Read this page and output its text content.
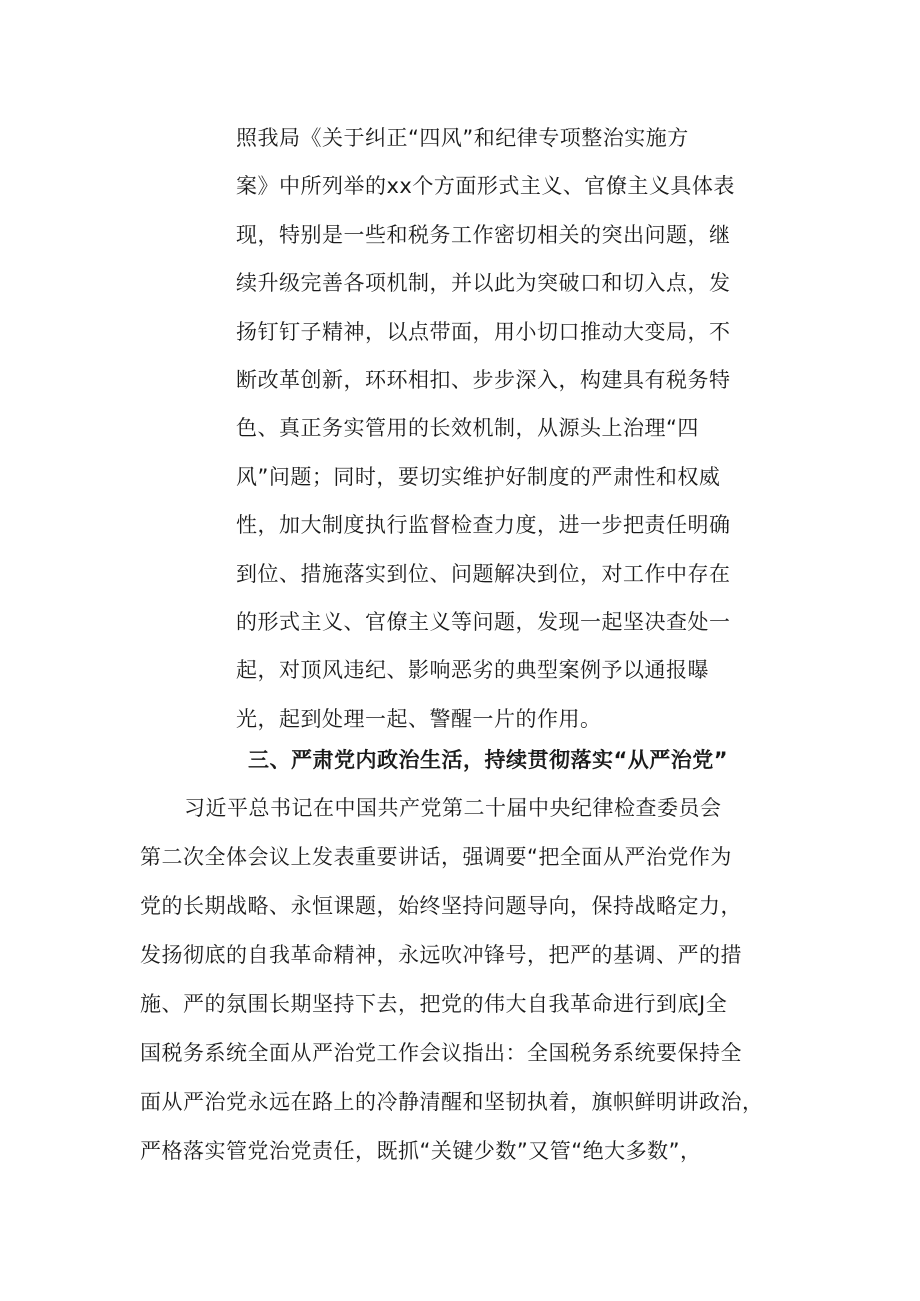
照我局《关于纠正“四风”和纪律专项整治实施方
案》中所列举的xx个方面形式主义、官僚主义具体表
现，特别是一些和税务工作密切相关的突出问题，继
续升级完善各项机制，并以此为突破口和切入点，发
扬钉钉子精神，以点带面，用小切口推动大变局，不
断改革创新，环环相扣、步步深入，构建具有税务特
色、真正务实管用的长效机制，从源头上治理“四
风”问题；同时，要切实维护好制度的严肃性和权威
性，加大制度执行监督检查力度，进一步把责任明确
到位、措施落实到位、问题解决到位，对工作中存在
的形式主义、官僚主义等问题，发现一起坚决查处一
起，对顶风违纪、影响恶劣的典型案例予以通报曝
光，起到处理一起、警醒一片的作用。
三、严肃党内政治生活，持续贯彻落实“从严治党”
习近平总书记在中国共产党第二十届中央纪律检查委员会
第二次全体会议上发表重要讲话，强调要“把全面从严治党作为
党的长期战略、永恒课题，始终坚持问题导向，保持战略定力，
发扬彻底的自我革命精神，永远吹冲锋号，把严的基调、严的措
施、严的氛围长期坚持下去，把党的伟大自我革命进行到底J全
国税务系统全面从严治党工作会议指出：全国税务系统要保持全
面从严治党永远在路上的冷静清醒和坚韧执着，旗帜鲜明讲政治，
严格落实管党治党责任，既抓“关键少数”又管“绝大多数”，
